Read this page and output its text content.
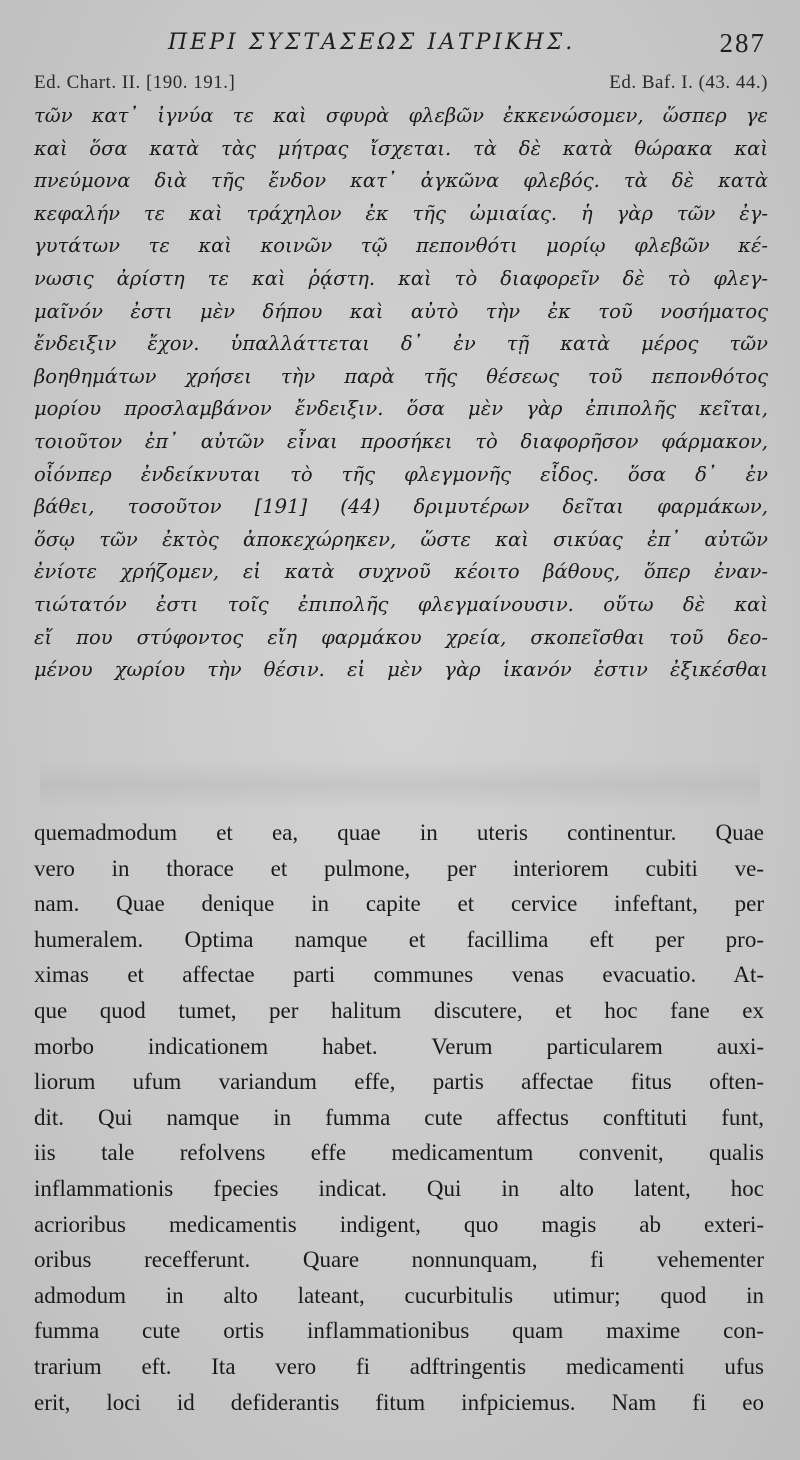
ΠΕΡΙ ΣΥΣΤΑΣΕΩΣ ΙΑΤΡΙΚΗΣ.	287
Ed. Chart. II. [190. 191.]	Ed. Baf. I. (43. 44.)
τῶν κατ᾽ ἰγνύα τε καὶ σφυρὰ φλεβῶν ἐκκενώσομεν, ὥσπερ γε
καὶ ὅσα κατὰ τὰς μήτρας ἴσχεται. τὰ δὲ κατὰ θώρακα καὶ
πνεύμονα διὰ τῆς ἔνδον κατ᾽ ἀγκῶνα φλεβός. τὰ δὲ κατὰ
κεφαλήν τε καὶ τράχηλον ἐκ τῆς ὠμιαίας. ἡ γὰρ τῶν ἐγ-
γυτάτων τε καὶ κοινῶν τῷ πεπονθότι μορίῳ φλεβῶν κέ-
νωσις ἀρίστη τε καὶ ῥᾴστη. καὶ τὸ διαφορεῖν δὲ τὸ φλεγ-
μαῖνόν ἐστι μὲν δήπου καὶ αὐτὸ τὴν ἐκ τοῦ νοσήματος
ἔνδειξιν ἔχον. ὑπαλλάττεται δ᾽ ἐν τῇ κατὰ μέρος τῶν
βοηθημάτων χρήσει τὴν παρὰ τῆς θέσεως τοῦ πεπονθότος
μορίου προσλαμβάνον ἔνδειξιν. ὅσα μὲν γὰρ ἐπιπολῆς κεῖται,
τοιοῦτον ἐπ᾽ αὐτῶν εἶναι προσήκει τὸ διαφορῆσον φάρμακον,
οἷόνπερ ἐνδείκνυται τὸ τῆς φλεγμονῆς εἶδος. ὅσα δ᾽ ἐν
βάθει, τοσοῦτον [191] (44) δριμυτέρων δεῖται φαρμάκων,
ὅσῳ τῶν ἐκτὸς ἀποκεχώρηκεν, ὥστε καὶ σικύας ἐπ᾽ αὐτῶν
ἐνίοτε χρήζομεν, εἰ κατὰ συχνοῦ κέοιτο βάθους, ὅπερ ἐναν-
τιώτατόν ἐστι τοῖς ἐπιπολῆς φλεγμαίνουσιν. οὕτω δὲ καὶ
εἴ που στύφοντος εἴη φαρμάκου χρεία, σκοπεῖσθαι τοῦ δεο-
μένου χωρίου τὴν θέσιν. εἰ μὲν γὰρ ἱκανόν ἐστιν ἐξικέσθαι
quemadmodum et ea, quae in uteris continentur. Quae
vero in thorace et pulmone, per interiorem cubiti ve-
nam. Quae denique in capite et cervice infeftant, per
humeralem. Optima namque et facillima eft per pro-
ximas et affectae parti communes venas evacuatio. At-
que quod tumet, per halitum discutere, et hoc fane ex
morbo indicationem habet. Verum particularem auxi-
liorum ufum variandum effe, partis affectae fitus often-
dit. Qui namque in fumma cute affectus conftituti funt,
iis tale refolvens effe medicamentum convenit, qualis
inflammationis fpecies indicat. Qui in alto latent, hoc
acrioribus medicamentis indigent, quo magis ab exteri-
oribus recefferunt. Quare nonnunquam, fi vehementer
admodum in alto lateant, cucurbitulis utimur; quod in
fumma cute ortis inflammationibus quam maxime con-
trarium eft. Ita vero fi adftringentis medicamenti ufus
erit, loci id defiderantis fitum infpiciemus. Nam fi eo
